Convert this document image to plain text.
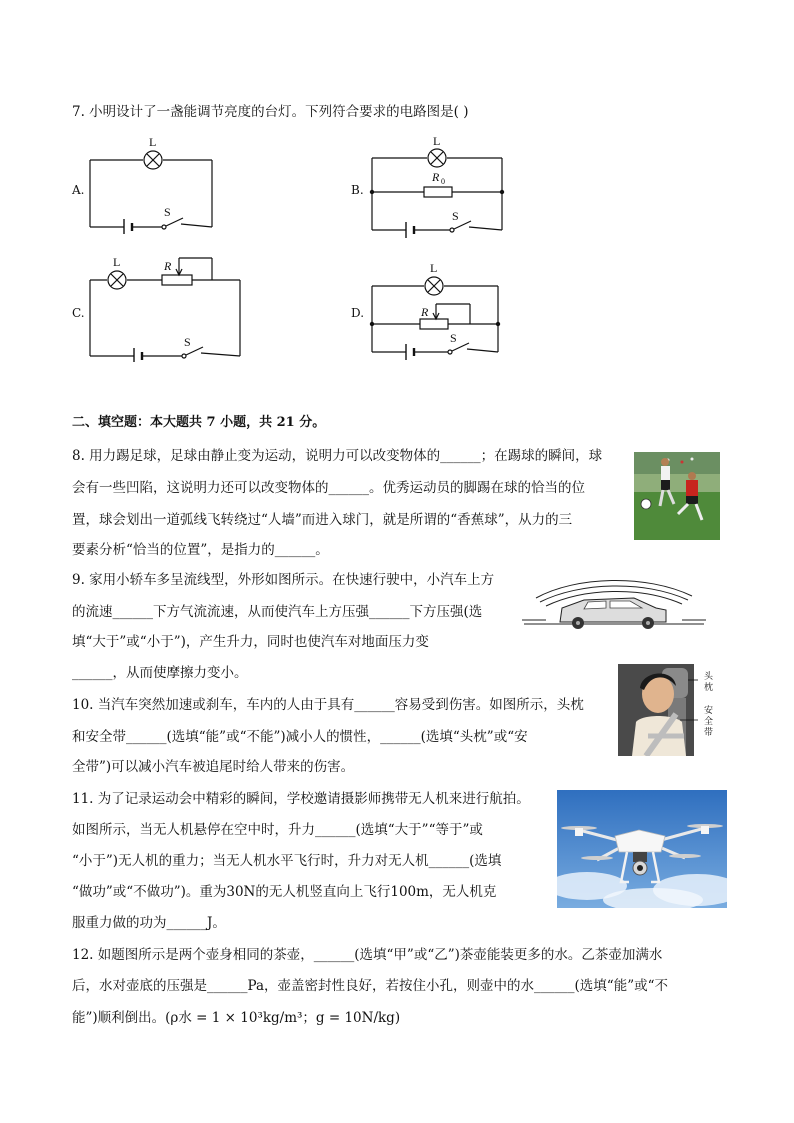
7. 小明设计了一盏能调节亮度的台灯。下列符合要求的电路图是( )
A.
L
S
B.
L
R 0
S
C.
L	R
S
D.
L
R
S
二、填空题：本大题共 7 小题，共 21 分。
8. 用力踢足球，足球由静止变为运动，说明力可以改变物体的______；在踢球的瞬间，球
会有一些凹陷，这说明力还可以改变物体的______。优秀运动员的脚踢在球的恰当的位
置，球会划出一道弧线飞转绕过“人墙”而进入球门，就是所谓的“香蕉球”，从力的三
要素分析“恰当的位置”，是指力的______。
9. 家用小轿车多呈流线型，外形如图所示。在快速行驶中，小汽车上方
的流速______下方气流流速，从而使汽车上方压强______下方压强(选
填“大于”或“小于”)，产生升力，同时也使汽车对地面压力变
______，从而使摩擦力变小。
10. 当汽车突然加速或刹车，车内的人由于具有______容易受到伤害。如图所示，头枕
和安全带______(选填“能”或“不能”)减小人的惯性，______(选填“头枕”或“安
全带”)可以减小汽车被追尾时给人带来的伤害。
头枕
安全带
11. 为了记录运动会中精彩的瞬间，学校邀请摄影师携带无人机来进行航拍。
如图所示，当无人机悬停在空中时，升力______(选填“大于”“等于”或
“小于”)无人机的重力；当无人机水平飞行时，升力对无人机______(选填
“做功”或“不做功”)。重为30N的无人机竖直向上飞行100m，无人机克
服重力做的功为______J。
12. 如题图所示是两个壶身相同的茶壶，______(选填“甲”或“乙”)茶壶能装更多的水。乙茶壶加满水
后，水对壶底的压强是______Pa，壶盖密封性良好，若按住小孔，则壶中的水______(选填“能”或“不
能”)顺利倒出。(ρ水 = 1 × 10³kg/m³；g = 10N/kg)
